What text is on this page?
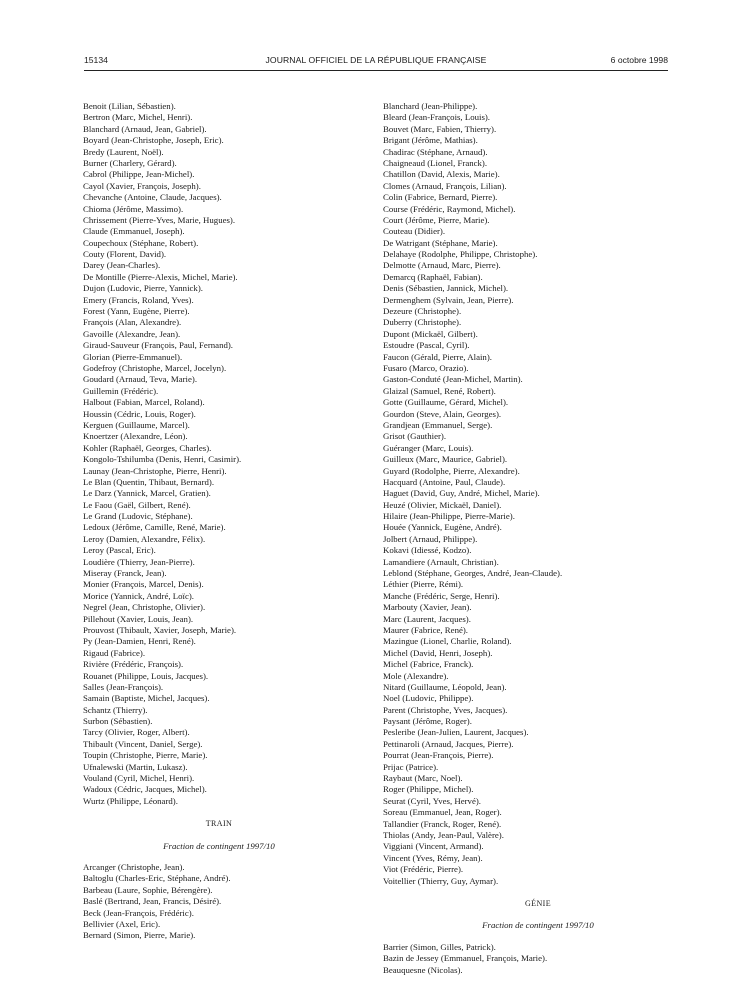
15134	JOURNAL OFFICIEL DE LA RÉPUBLIQUE FRANÇAISE	6 octobre 1998
Benoit (Lilian, Sébastien).
Bertron (Marc, Michel, Henri).
Blanchard (Arnaud, Jean, Gabriel).
Boyard (Jean-Christophe, Joseph, Eric).
Bredy (Laurent, Noël).
Burner (Charlery, Gérard).
Cabrol (Philippe, Jean-Michel).
Cayol (Xavier, François, Joseph).
Chevanche (Antoine, Claude, Jacques).
Chioma (Jérôme, Massimo).
Chrissement (Pierre-Yves, Marie, Hugues).
Claude (Emmanuel, Joseph).
Coupechoux (Stéphane, Robert).
Couty (Florent, David).
Darey (Jean-Charles).
De Montille (Pierre-Alexis, Michel, Marie).
Dujon (Ludovic, Pierre, Yannick).
Emery (Francis, Roland, Yves).
Forest (Yann, Eugène, Pierre).
François (Alan, Alexandre).
Gavoille (Alexandre, Jean).
Giraud-Sauveur (François, Paul, Fernand).
Glorian (Pierre-Emmanuel).
Godefroy (Christophe, Marcel, Jocelyn).
Goudard (Arnaud, Teva, Marie).
Guillemin (Frédéric).
Halbout (Fabian, Marcel, Roland).
Houssin (Cédric, Louis, Roger).
Kerguen (Guillaume, Marcel).
Knoertzer (Alexandre, Léon).
Kohler (Raphaël, Georges, Charles).
Kongolo-Tshilumba (Denis, Henri, Casimir).
Launay (Jean-Christophe, Pierre, Henri).
Le Blan (Quentin, Thibaut, Bernard).
Le Darz (Yannick, Marcel, Gratien).
Le Faou (Gaël, Gilbert, René).
Le Grand (Ludovic, Stéphane).
Ledoux (Jérôme, Camille, René, Marie).
Leroy (Damien, Alexandre, Félix).
Leroy (Pascal, Eric).
Loudière (Thierry, Jean-Pierre).
Miseray (Franck, Jean).
Monier (François, Marcel, Denis).
Morice (Yannick, André, Loïc).
Negrel (Jean, Christophe, Olivier).
Pillehout (Xavier, Louis, Jean).
Prouvost (Thibault, Xavier, Joseph, Marie).
Py (Jean-Damien, Henri, René).
Rigaud (Fabrice).
Rivière (Frédéric, François).
Rouanet (Philippe, Louis, Jacques).
Salles (Jean-François).
Samain (Baptiste, Michel, Jacques).
Schantz (Thierry).
Surbon (Sébastien).
Tarcy (Olivier, Roger, Albert).
Thibault (Vincent, Daniel, Serge).
Toupin (Christophe, Pierre, Marie).
Ufnalewski (Martin, Lukasz).
Vouland (Cyril, Michel, Henri).
Wadoux (Cédric, Jacques, Michel).
Wurtz (Philippe, Léonard).
TRAIN
Fraction de contingent 1997/10
Arcanger (Christophe, Jean).
Baltoglu (Charles-Eric, Stéphane, André).
Barbeau (Laure, Sophie, Bérengère).
Baslé (Bertrand, Jean, Francis, Désiré).
Beck (Jean-François, Frédéric).
Bellivier (Axel, Eric).
Bernard (Simon, Pierre, Marie).
Blanchard (Jean-Philippe).
Bleard (Jean-François, Louis).
Bouvet (Marc, Fabien, Thierry).
Brigant (Jérôme, Mathias).
Chadirac (Stéphane, Arnaud).
Chaigneaud (Lionel, Franck).
Chatillon (David, Alexis, Marie).
Clomes (Arnaud, François, Lilian).
Colin (Fabrice, Bernard, Pierre).
Course (Frédéric, Raymond, Michel).
Court (Jérôme, Pierre, Marie).
Couteau (Didier).
De Watrigant (Stéphane, Marie).
Delahaye (Rodolphe, Philippe, Christophe).
Delmotte (Arnaud, Marc, Pierre).
Demarcq (Raphaël, Fabian).
Denis (Sébastien, Jannick, Michel).
Dermenghem (Sylvain, Jean, Pierre).
Dezeure (Christophe).
Duberry (Christophe).
Dupont (Mickaël, Gilbert).
Estoudre (Pascal, Cyril).
Faucon (Gérald, Pierre, Alain).
Fusaro (Marco, Orazio).
Gaston-Conduté (Jean-Michel, Martin).
Glaizal (Samuel, René, Robert).
Gotte (Guillaume, Gérard, Michel).
Gourdon (Steve, Alain, Georges).
Grandjean (Emmanuel, Serge).
Grisot (Gauthier).
Guéranger (Marc, Louis).
Guilleux (Marc, Maurice, Gabriel).
Guyard (Rodolphe, Pierre, Alexandre).
Hacquard (Antoine, Paul, Claude).
Haguet (David, Guy, André, Michel, Marie).
Heuzé (Olivier, Mickaël, Daniel).
Hilaire (Jean-Philippe, Pierre-Marie).
Houée (Yannick, Eugène, André).
Jolbert (Arnaud, Philippe).
Kokavi (Idiessé, Kodzo).
Lamandiere (Arnault, Christian).
Leblond (Stéphane, Georges, André, Jean-Claude).
Léthier (Pierre, Rémi).
Manche (Frédéric, Serge, Henri).
Marbouty (Xavier, Jean).
Marc (Laurent, Jacques).
Maurer (Fabrice, René).
Mazingue (Lionel, Charlie, Roland).
Michel (David, Henri, Joseph).
Michel (Fabrice, Franck).
Mole (Alexandre).
Nitard (Guillaume, Léopold, Jean).
Noel (Ludovic, Philippe).
Parent (Christophe, Yves, Jacques).
Paysant (Jérôme, Roger).
Pesleribe (Jean-Julien, Laurent, Jacques).
Pettinaroli (Arnaud, Jacques, Pierre).
Pourrat (Jean-François, Pierre).
Prijac (Patrice).
Raybaut (Marc, Noel).
Roger (Philippe, Michel).
Seurat (Cyril, Yves, Hervé).
Soreau (Emmanuel, Jean, Roger).
Tallandier (Franck, Roger, René).
Thiolas (Andy, Jean-Paul, Valère).
Viggiani (Vincent, Armand).
Vincent (Yves, Rémy, Jean).
Viot (Frédéric, Pierre).
Voitellier (Thierry, Guy, Aymar).
GÉNIE
Fraction de contingent 1997/10
Barrier (Simon, Gilles, Patrick).
Bazin de Jessey (Emmanuel, François, Marie).
Beauquesne (Nicolas).
